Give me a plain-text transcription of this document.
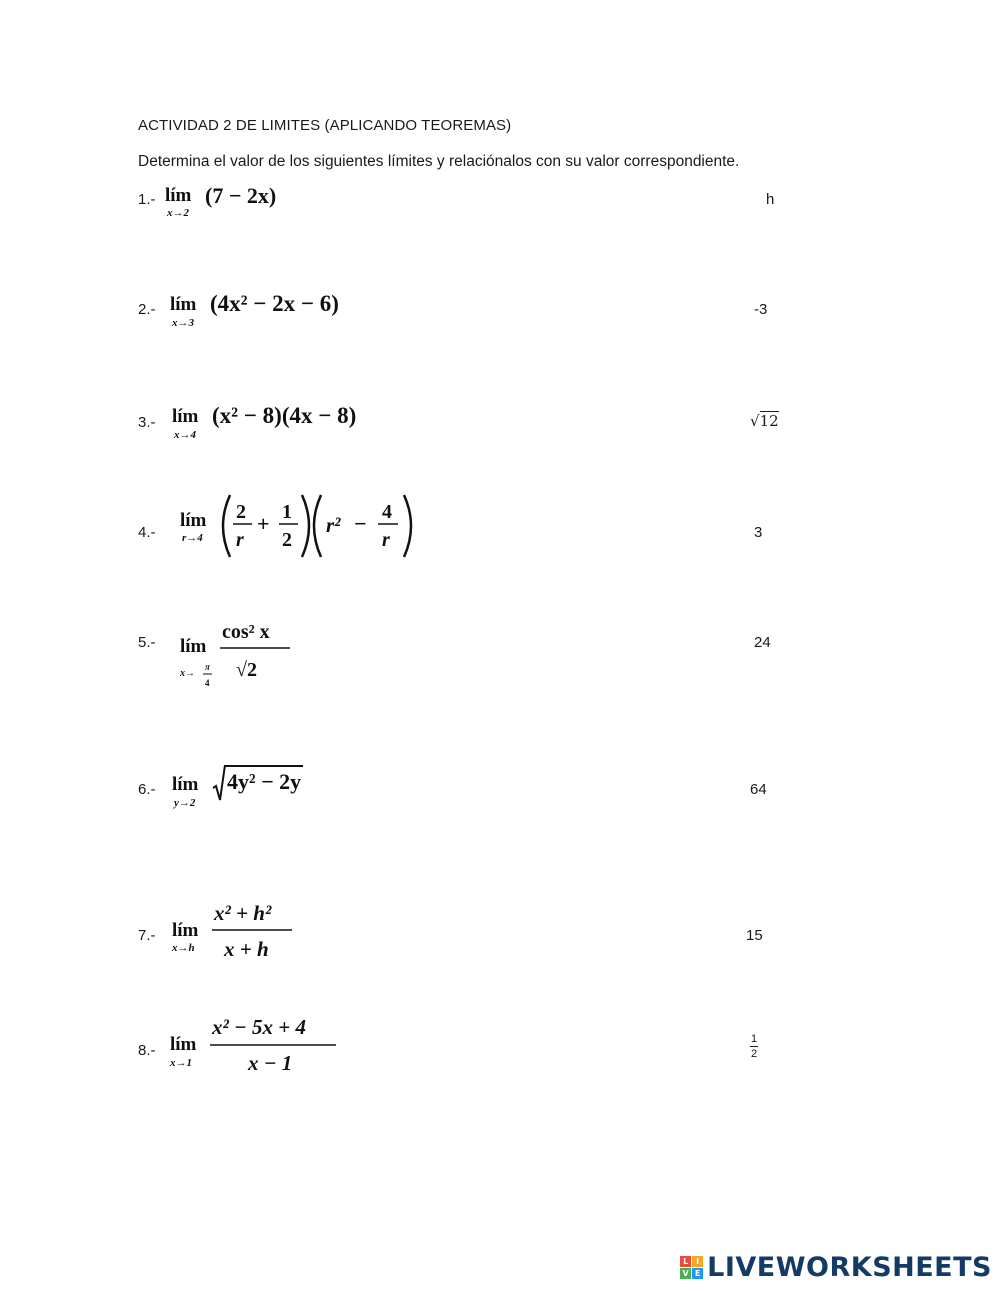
ACTIVIDAD 2 DE LIMITES (APLICANDO TEOREMAS)
Determina el valor de los siguientes límites y relaciónalos con su valor correspondiente.
1.- lím
x→2
(7 − 2x)	h
2.- lím
x→3
(4x² − 2x − 6)	-3
3.- lím
x→4
(x² − 8)(4x − 8)	√12
4.-
lím
r→4
2
r
+ 1
2
r² − 4
r	3
5.- lím
x→
π
4
cos² x
√2
24
6.- lím
y→2
4y² − 2y	64
7.- lím
x→h
x² + h²
x + h
15
8.- lím
x→1
x² − 5x + 4
x − 1
1
2
L I
V E LIVEWORKSHEETS
